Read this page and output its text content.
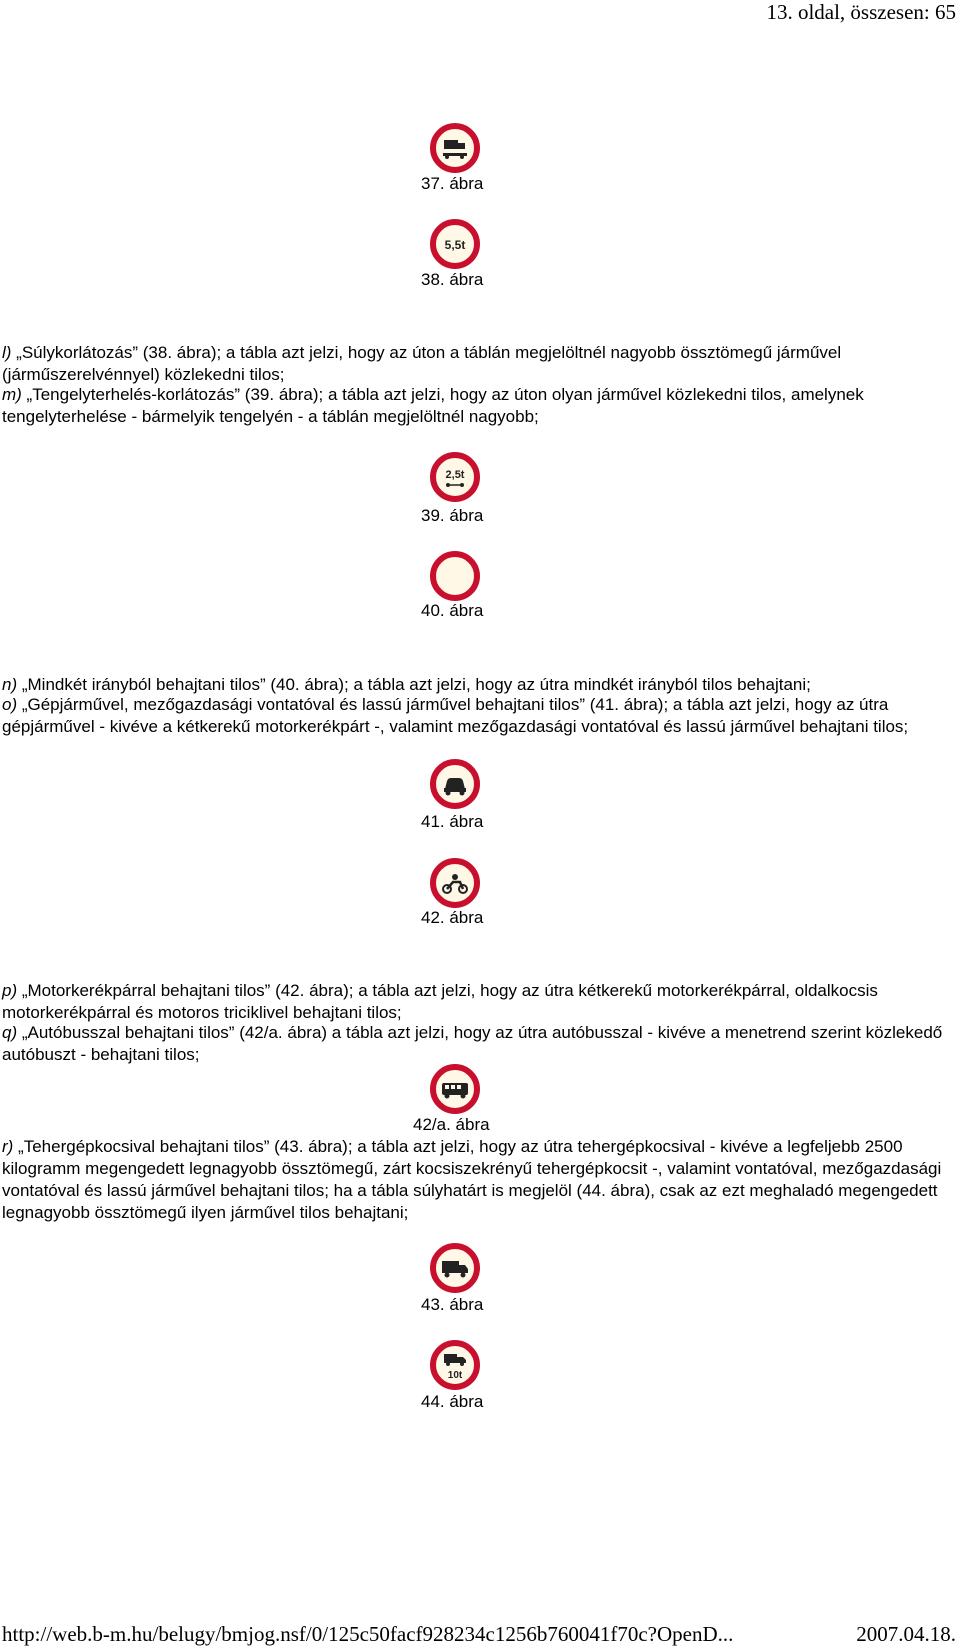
13. oldal, összesen: 65
37. ábra
5,5t
38. ábra
l) „Súlykorlátozás” (38. ábra); a tábla azt jelzi, hogy az úton a táblán megjelöltnél nagyobb össztömegű járművel (járműszerelvénnyel) közlekedni tilos;
m) „Tengelyterhelés-korlátozás” (39. ábra); a tábla azt jelzi, hogy az úton olyan járművel közlekedni tilos, amelynek tengelyterhelése - bármelyik tengelyén - a táblán megjelöltnél nagyobb;
2,5t
39. ábra
40. ábra
n) „Mindkét irányból behajtani tilos” (40. ábra); a tábla azt jelzi, hogy az útra mindkét irányból tilos behajtani;
o) „Gépjárművel, mezőgazdasági vontatóval és lassú járművel behajtani tilos” (41. ábra); a tábla azt jelzi, hogy az útra gépjárművel - kivéve a kétkerekű motorkerékpárt -, valamint mezőgazdasági vontatóval és lassú járművel behajtani tilos;
41. ábra
42. ábra
p) „Motorkerékpárral behajtani tilos” (42. ábra); a tábla azt jelzi, hogy az útra kétkerekű motorkerékpárral, oldalkocsis motorkerékpárral és motoros triciklivel behajtani tilos;
q) „Autóbusszal behajtani tilos” (42/a. ábra) a tábla azt jelzi, hogy az útra autóbusszal - kivéve a menetrend szerint közlekedő autóbuszt - behajtani tilos;
42/a. ábra
r) „Tehergépkocsival behajtani tilos” (43. ábra); a tábla azt jelzi, hogy az útra tehergépkocsival - kivéve a legfeljebb 2500 kilogramm megengedett legnagyobb össztömegű, zárt kocsiszekrényű tehergépkocsit -, valamint vontatóval, mezőgazdasági vontatóval és lassú járművel behajtani tilos; ha a tábla súlyhatárt is megjelöl (44. ábra), csak az ezt meghaladó megengedett legnagyobb össztömegű ilyen járművel tilos behajtani;
43. ábra
10t
44. ábra
http://web.b-m.hu/belugy/bmjog.nsf/0/125c50facf928234c1256b760041f70c?OpenD...	2007.04.18.
